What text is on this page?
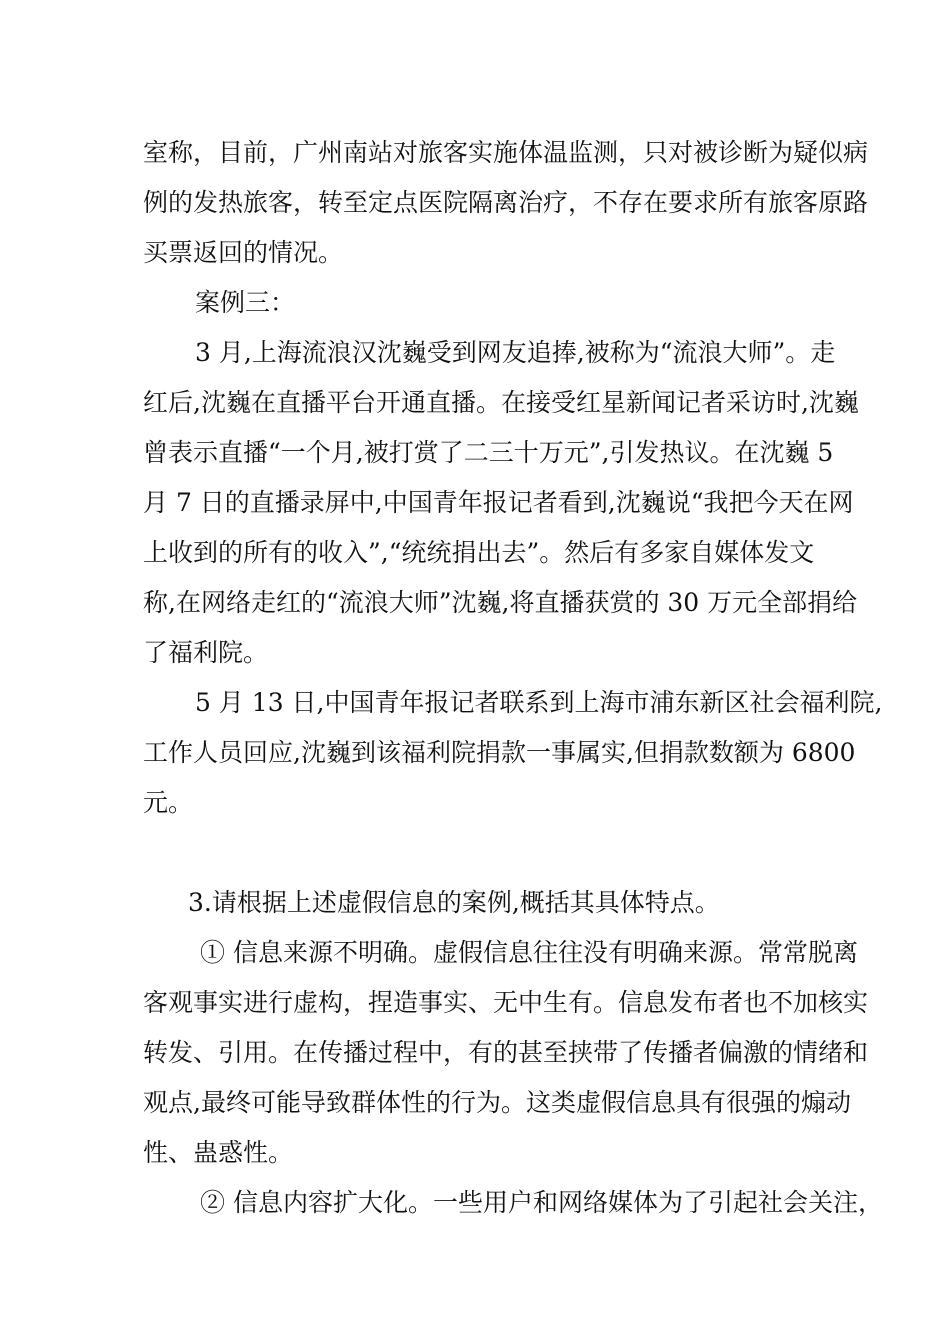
室称，目前，广州南站对旅客实施体温监测，只对被诊断为疑似病
例的发热旅客，转至定点医院隔离治疗，不存在要求所有旅客原路
买票返回的情况。
案例三：
3 月,上海流浪汉沈巍受到网友追捧,被称为“流浪大师”。走
红后,沈巍在直播平台开通直播。在接受红星新闻记者采访时,沈巍
曾表示直播“一个月,被打赏了二三十万元”,引发热议。在沈巍 5
月 7 日的直播录屏中,中国青年报记者看到,沈巍说“我把今天在网
上收到的所有的收入”,“统统捐出去”。然后有多家自媒体发文
称,在网络走红的“流浪大师”沈巍,将直播获赏的 30 万元全部捐给
了福利院。
5 月 13 日,中国青年报记者联系到上海市浦东新区社会福利院,
工作人员回应,沈巍到该福利院捐款一事属实,但捐款数额为 6800
元。
3.请根据上述虚假信息的案例,概括其具体特点。
① 信息来源不明确。虚假信息往往没有明确来源。常常脱离
客观事实进行虚构，捏造事实、无中生有。信息发布者也不加核实
转发、引用。在传播过程中，有的甚至挟带了传播者偏激的情绪和
观点,最终可能导致群体性的行为。这类虚假信息具有很强的煽动
性、蛊惑性。
② 信息内容扩大化。一些用户和网络媒体为了引起社会关注，
